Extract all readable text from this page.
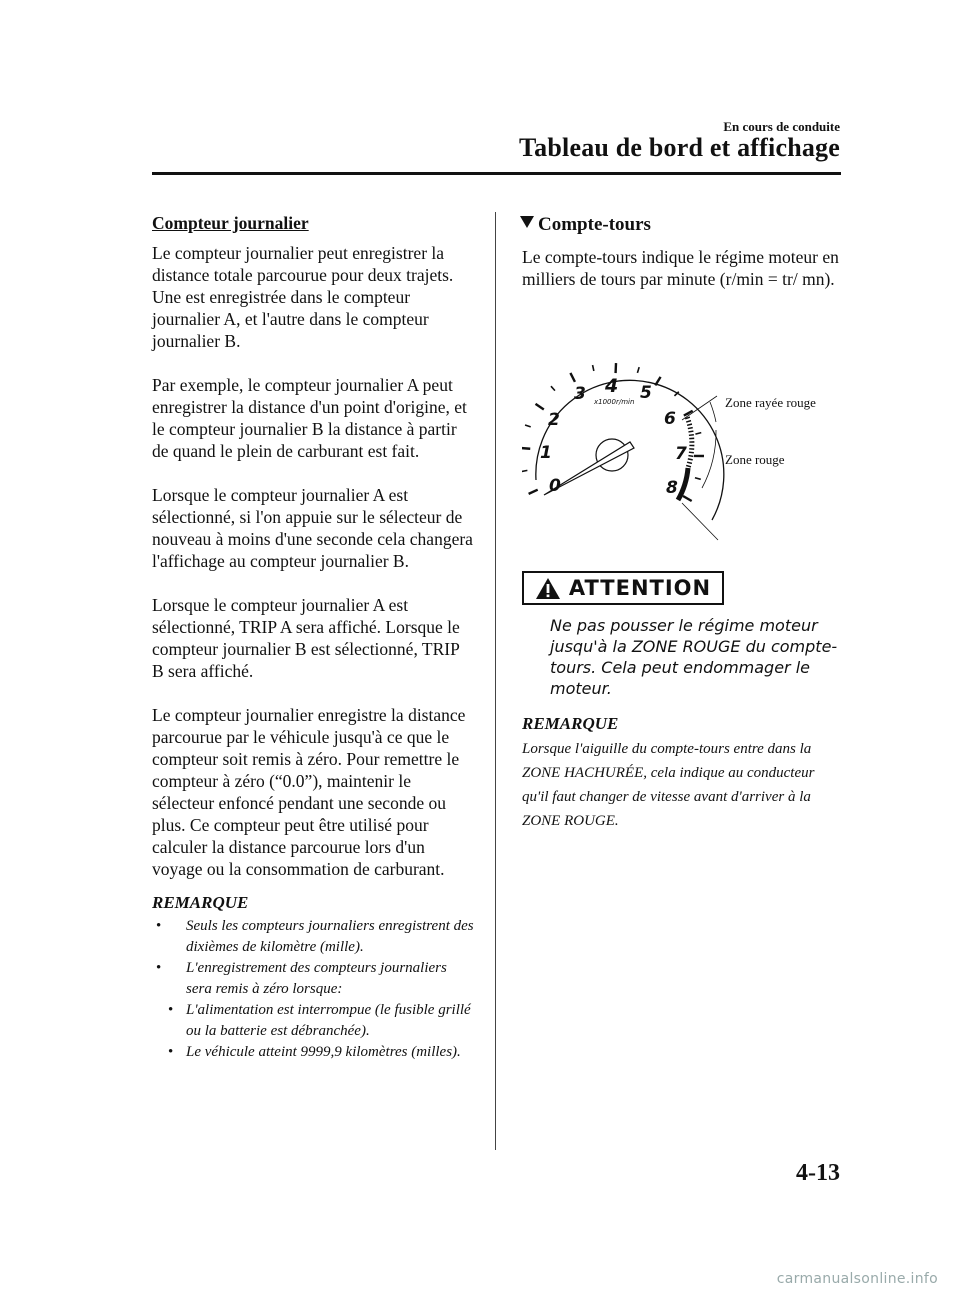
En cours de conduite
Tableau de bord et affichage
Compteur journalier

Le compteur journalier peut enregistrer la distance totale parcourue pour deux trajets. Une est enregistrée dans le compteur journalier A, et l'autre dans le compteur journalier B.

Par exemple, le compteur journalier A peut enregistrer la distance d'un point d'origine, et le compteur journalier B la distance à partir de quand le plein de carburant est fait.

Lorsque le compteur journalier A est sélectionné, si l'on appuie sur le sélecteur de nouveau à moins d'une seconde cela changera l'affichage au compteur journalier B.

Lorsque le compteur journalier A est sélectionné, TRIP A sera affiché. Lorsque le compteur journalier B est sélectionné, TRIP B sera affiché.

Le compteur journalier enregistre la distance parcourue par le véhicule jusqu'à ce que le compteur soit remis à zéro. Pour remettre le compteur à zéro (“0.0”), maintenir le sélecteur enfoncé pendant une seconde ou plus. Ce compteur peut être utilisé pour calculer la distance parcourue lors d'un voyage ou la consommation de carburant.

REMARQUE
• Seuls les compteurs journaliers enregistrent des dixièmes de kilomètre (mille).
• L'enregistrement des compteurs journaliers sera remis à zéro lorsque:
• L'alimentation est interrompue (le fusible grillé ou la batterie est débranchée).
• Le véhicule atteint 9999,9 kilomètres (milles).
Compte-tours
Le compte-tours indique le régime moteur en milliers de tours par minute (r/min = tr/ mn).
0
1
2
3 4 5
6
7
8
x1000r/min	Zone rayée rouge
Zone rouge
ATTENTION
Ne pas pousser le régime moteur jusqu'à la ZONE ROUGE du compte-tours. Cela peut endommager le moteur.
REMARQUE
Lorsque l'aiguille du compte-tours entre dans la ZONE HACHURÉE, cela indique au conducteur qu'il faut changer de vitesse avant d'arriver à la ZONE ROUGE.
4-13
carmanualsonline.info
